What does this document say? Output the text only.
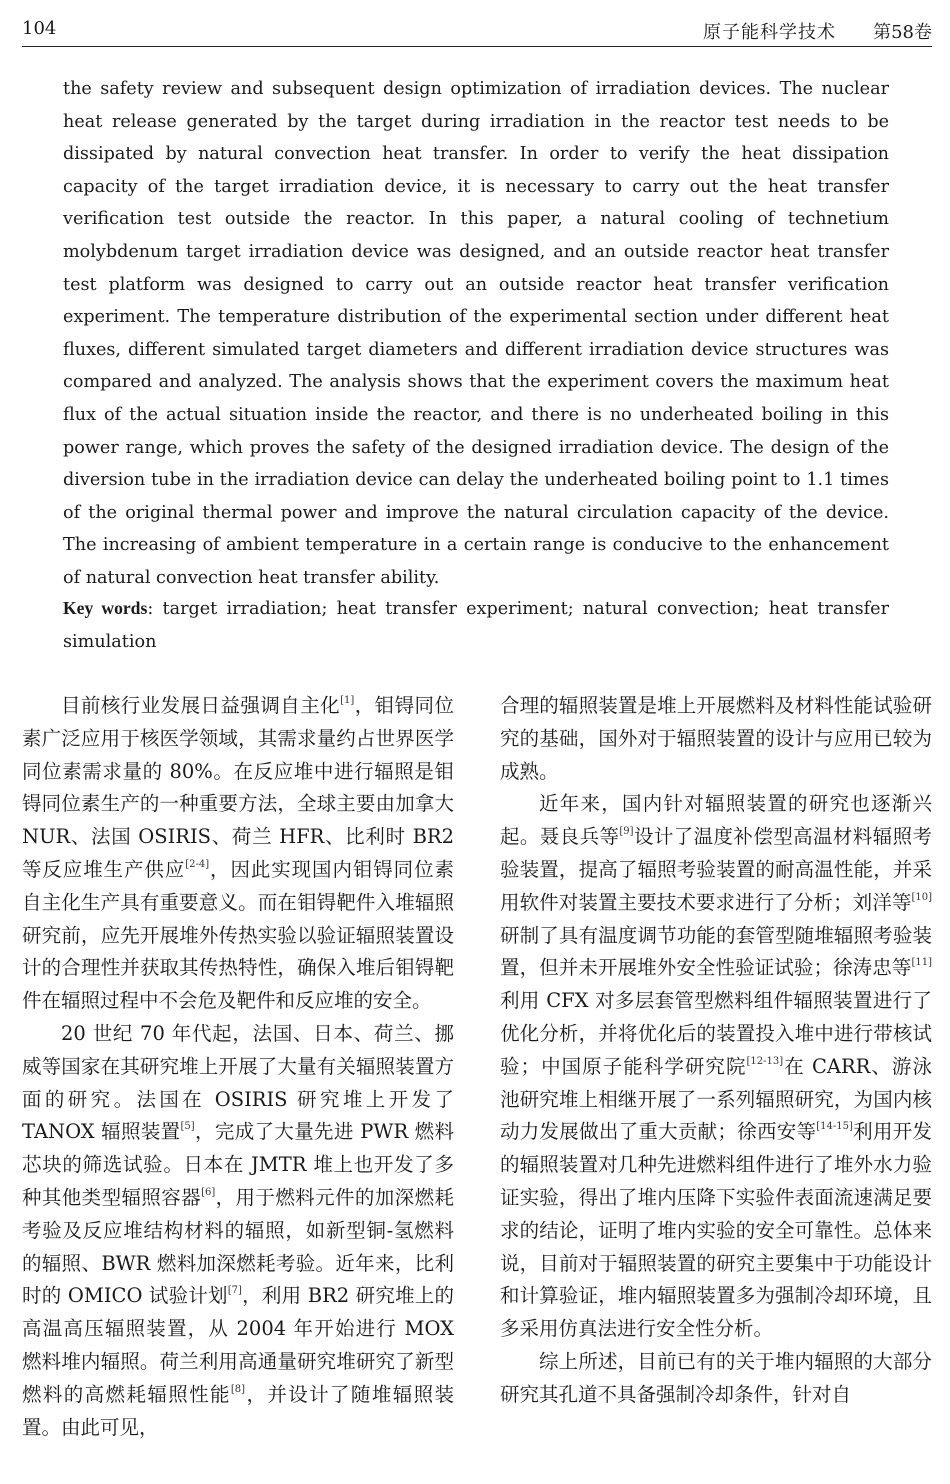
104	原子能科学技术 第58卷

the safety review and subsequent design optimization of irradiation devices. The nuclear heat release generated by the target during irradiation in the reactor test needs to be dissipated by natural convection heat transfer. In order to verify the heat dissipation capacity of the target irradiation device, it is necessary to carry out the heat transfer verification test outside the reactor. In this paper, a natural cooling of technetium molybdenum target irradiation device was designed, and an outside reactor heat transfer test platform was designed to carry out an outside reactor heat transfer verification experiment. The temperature distribution of the experimental section under different heat fluxes, different simulated target diameters and different irradiation device structures was compared and analyzed. The analysis shows that the experiment covers the maximum heat flux of the actual situation inside the reactor, and there is no underheated boiling in this power range, which proves the safety of the designed irradiation device. The design of the diversion tube in the irradiation device can delay the underheated boiling point to 1.1 times of the original thermal power and improve the natural circulation capacity of the device. The increasing of ambient temperature in a certain range is conducive to the enhancement of natural convection heat transfer ability.

Key words: target irradiation; heat transfer experiment; natural convection; heat transfer simulation

目前核行业发展日益强调自主化[1]，钼锝同位素广泛应用于核医学领域，其需求量约占世界医学同位素需求量的 80%。在反应堆中进行辐照是钼锝同位素生产的一种重要方法，全球主要由加拿大 NUR、法国 OSIRIS、荷兰 HFR、比利时 BR2 等反应堆生产供应[2-4]，因此实现国内钼锝同位素自主化生产具有重要意义。而在钼锝靶件入堆辐照研究前，应先开展堆外传热实验以验证辐照装置设计的合理性并获取其传热特性，确保入堆后钼锝靶件在辐照过程中不会危及靶件和反应堆的安全。

20 世纪 70 年代起，法国、日本、荷兰、挪威等国家在其研究堆上开展了大量有关辐照装置方面的研究。法国在 OSIRIS 研究堆上开发了 TANOX 辐照装置[5]，完成了大量先进 PWR 燃料芯块的筛选试验。日本在 JMTR 堆上也开发了多种其他类型辐照容器[6]，用于燃料元件的加深燃耗考验及反应堆结构材料的辐照，如新型铜-氢燃料的辐照、BWR 燃料加深燃耗考验。近年来，比利时的 OMICO 试验计划[7]，利用 BR2 研究堆上的高温高压辐照装置，从 2004 年开始进行 MOX 燃料堆内辐照。荷兰利用高通量研究堆研究了新型燃料的高燃耗辐照性能[8]，并设计了随堆辐照装置。由此可见，

合理的辐照装置是堆上开展燃料及材料性能试验研究的基础，国外对于辐照装置的设计与应用已较为成熟。

近年来，国内针对辐照装置的研究也逐渐兴起。聂良兵等[9]设计了温度补偿型高温材料辐照考验装置，提高了辐照考验装置的耐高温性能，并采用软件对装置主要技术要求进行了分析；刘洋等[10]研制了具有温度调节功能的套管型随堆辐照考验装置，但并未开展堆外安全性验证试验；徐涛忠等[11]利用 CFX 对多层套管型燃料组件辐照装置进行了优化分析，并将优化后的装置投入堆中进行带核试验；中国原子能科学研究院[12-13]在 CARR、游泳池研究堆上相继开展了一系列辐照研究，为国内核动力发展做出了重大贡献；徐西安等[14-15]利用开发的辐照装置对几种先进燃料组件进行了堆外水力验证实验，得出了堆内压降下实验件表面流速满足要求的结论，证明了堆内实验的安全可靠性。总体来说，目前对于辐照装置的研究主要集中于功能设计和计算验证，堆内辐照装置多为强制冷却环境，且多采用仿真法进行安全性分析。

综上所述，目前已有的关于堆内辐照的大部分研究其孔道不具备强制冷却条件，针对自
